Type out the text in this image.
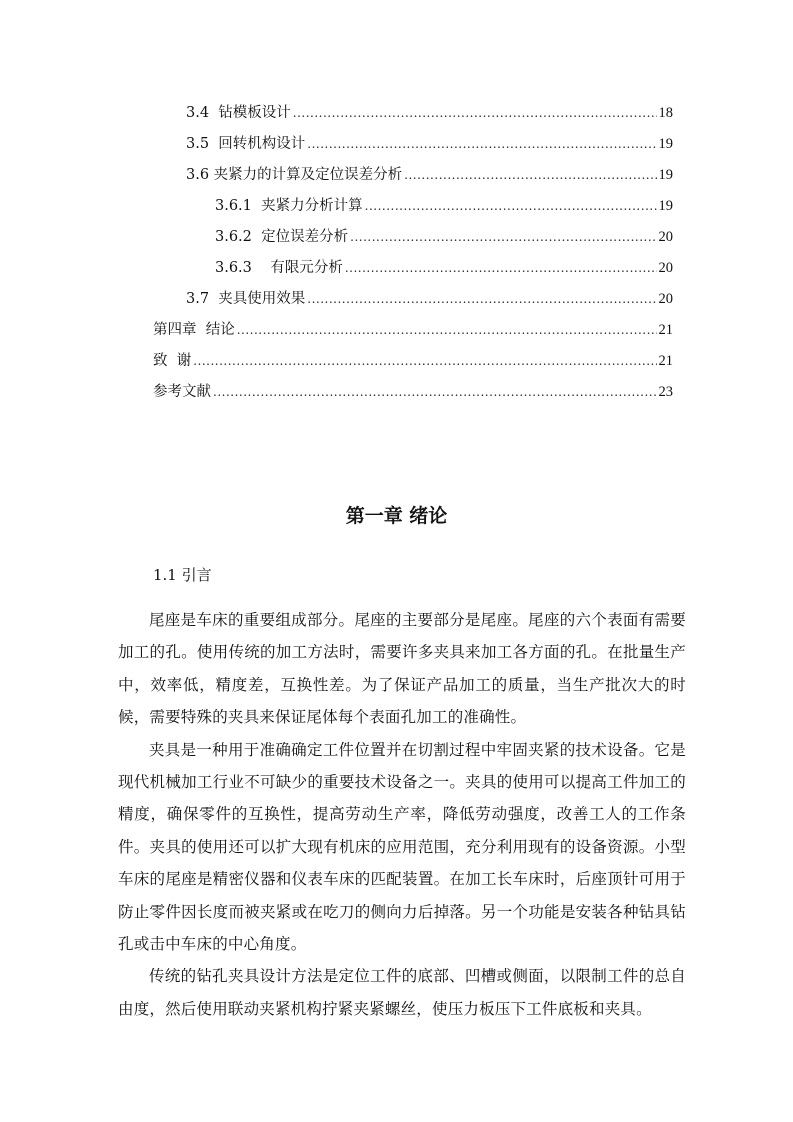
3.4  钻模板设计 .....	18
3.5  回转机构设计 .....	19
3.6 夹紧力的计算及定位误差分析 .....	19
3.6.1  夹紧力分析计算 .....	19
3.6.2  定位误差分析 .....	20
3.6.3    有限元分析 .....	20
3.7  夹具使用效果 .....	20
第四章  结论 .....	21
致  谢 .....	21
参考文献 .....	23
第一章 绪论
1.1 引言

尾座是车床的重要组成部分。尾座的主要部分是尾座。尾座的六个表面有需要加工的孔。使用传统的加工方法时，需要许多夹具来加工各方面的孔。在批量生产中，效率低，精度差，互换性差。为了保证产品加工的质量，当生产批次大的时候，需要特殊的夹具来保证尾体每个表面孔加工的准确性。

夹具是一种用于准确确定工件位置并在切割过程中牢固夹紧的技术设备。它是现代机械加工行业不可缺少的重要技术设备之一。夹具的使用可以提高工件加工的精度，确保零件的互换性，提高劳动生产率，降低劳动强度，改善工人的工作条件。夹具的使用还可以扩大现有机床的应用范围，充分利用现有的设备资源。小型车床的尾座是精密仪器和仪表车床的匹配装置。在加工长车床时，后座顶针可用于防止零件因长度而被夹紧或在吃刀的侧向力后掉落。另一个功能是安装各种钻具钻孔或击中车床的中心角度。

传统的钻孔夹具设计方法是定位工件的底部、凹槽或侧面，以限制工件的总自由度，然后使用联动夹紧机构拧紧夹紧螺丝，使压力板压下工件底板和夹具。
